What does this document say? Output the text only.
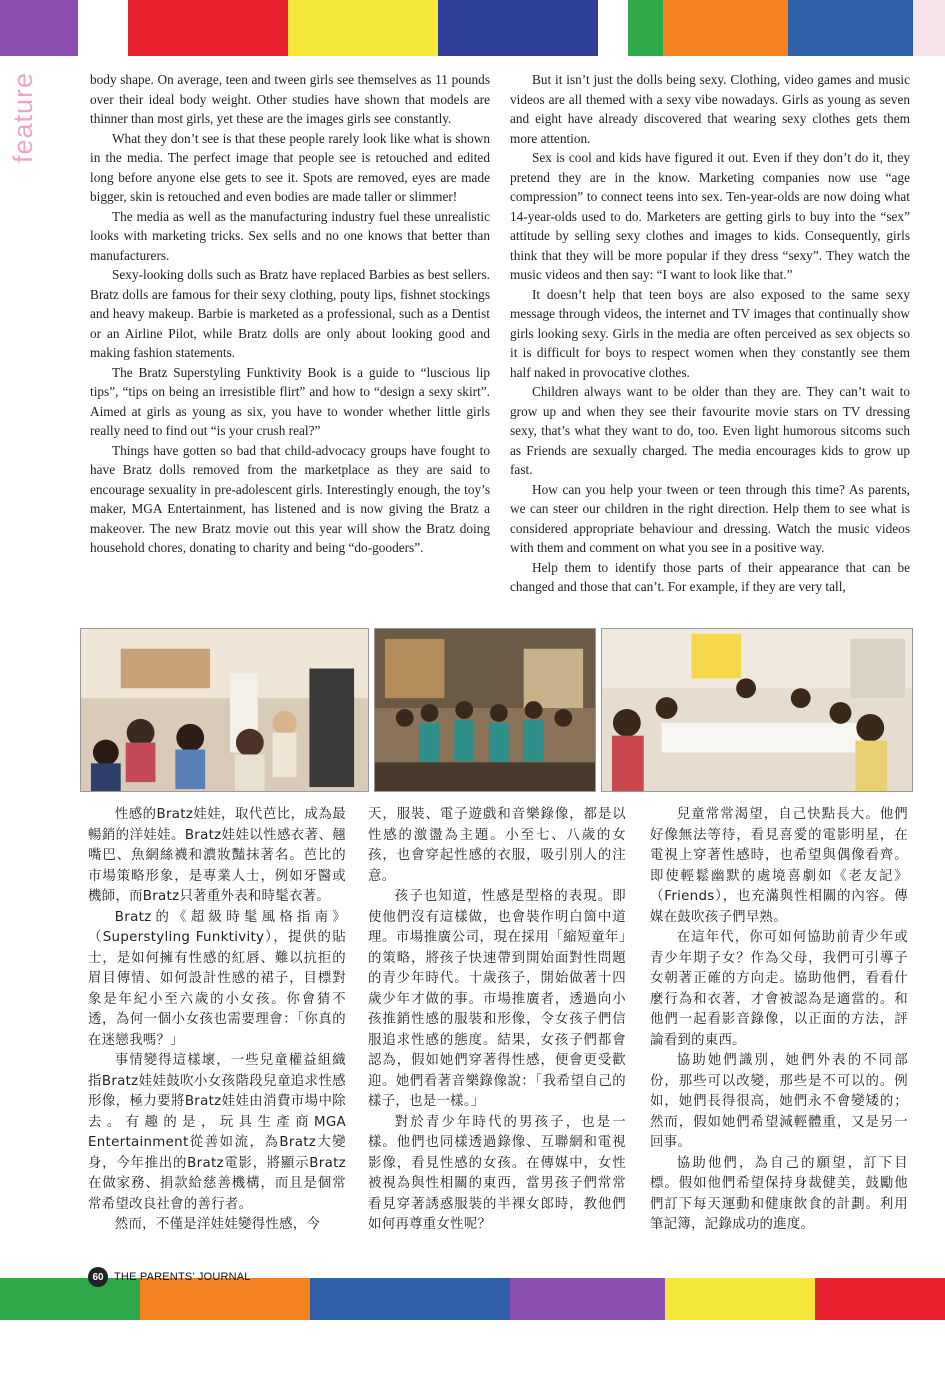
feature	body shape. On average, teen and tween girls see themselves as 11 pounds over their ideal body weight. Other studies have shown that models are thinner than most girls, yet these are the images girls see constantly.

What they don’t see is that these people rarely look like what is shown in the media. The perfect image that people see is retouched and edited long before anyone else gets to see it. Spots are removed, eyes are made bigger, skin is retouched and even bodies are made taller or slimmer!

The media as well as the manufacturing industry fuel these unrealistic looks with marketing tricks. Sex sells and no one knows that better than manufacturers.

Sexy-looking dolls such as Bratz have replaced Barbies as best sellers. Bratz dolls are famous for their sexy clothing, pouty lips, fishnet stockings and heavy makeup. Barbie is marketed as a professional, such as a Dentist or an Airline Pilot, while Bratz dolls are only about looking good and making fashion statements.

The Bratz Superstyling Funktivity Book is a guide to “luscious lip tips”, “tips on being an irresistible flirt” and how to “design a sexy skirt”. Aimed at girls as young as six, you have to wonder whether little girls really need to find out “is your crush real?”

Things have gotten so bad that child-advocacy groups have fought to have Bratz dolls removed from the marketplace as they are said to encourage sexuality in pre-adolescent girls. Interestingly enough, the toy’s maker, MGA Entertainment, has listened and is now giving the Bratz a makeover. The new Bratz movie out this year will show the Bratz doing household chores, donating to charity and being “do-gooders”.

But it isn’t just the dolls being sexy. Clothing, video games and music videos are all themed with a sexy vibe nowadays. Girls as young as seven and eight have already discovered that wearing sexy clothes gets them more attention.

Sex is cool and kids have figured it out. Even if they don’t do it, they pretend they are in the know. Marketing companies now use “age compression” to connect teens into sex. Ten-year-olds are now doing what 14-year-olds used to do. Marketers are getting girls to buy into the “sex” attitude by selling sexy clothes and images to kids. Consequently, girls think that they will be more popular if they dress “sexy”. They watch the music videos and then say: “I want to look like that.”

It doesn’t help that teen boys are also exposed to the same sexy message through videos, the internet and TV images that continually show girls looking sexy. Girls in the media are often perceived as sex objects so it is difficult for boys to respect women when they constantly see them half naked in provocative clothes.

Children always want to be older than they are. They can’t wait to grow up and when they see their favourite movie stars on TV dressing sexy, that’s what they want to do, too. Even light humorous sitcoms such as Friends are sexually charged. The media encourages kids to grow up fast.

How can you help your tween or teen through this time? As parents, we can steer our children in the right direction. Help them to see what is considered appropriate behaviour and dressing. Watch the music videos with them and comment on what you see in a positive way.

Help them to identify those parts of their appearance that can be changed and those that can’t. For example, if they are very tall,

性感的Bratz娃娃，取代芭比，成為最暢銷的洋娃娃。Bratz娃娃以性感衣著、翹嘴巴、魚網絲襪和濃妝豔抹著名。芭比的市場策略形象，是專業人士，例如牙醫或機師，而Bratz只著重外表和時髦衣著。

Bratz的《超級時髦風格指南》（Superstyling Funktivity），提供的貼士，是如何擁有性感的紅唇、難以抗拒的眉目傳情、如何設計性感的裙子，目標對象是年紀小至六歲的小女孩。你會猜不透，為何一個小女孩也需要理會：「你真的在迷戀我嗎？」

事情變得這樣壞，一些兒童權益組織指Bratz娃娃鼓吹小女孩階段兒童追求性感形像，極力要將Bratz娃娃由消費市場中除去。有趣的是，玩具生產商MGA Entertainment從善如流，為Bratz大變身，今年推出的Bratz電影，將顯示Bratz在做家務、捐款給慈善機構，而且是個常常希望改良社會的善行者。

然而，不僅是洋娃娃變得性感，今

天，服裝、電子遊戲和音樂錄像，都是以性感的激盪為主題。小至七、八歲的女孩，也會穿起性感的衣服，吸引別人的注意。

孩子也知道，性感是型格的表現。即使他們沒有這樣做，也會裝作明白箇中道理。市場推廣公司，現在採用「縮短童年」的策略，將孩子快速帶到開始面對性問題的青少年時代。十歲孩子，開始做著十四歲少年才做的事。市場推廣者，透過向小孩推銷性感的服裝和形像，令女孩子們信服追求性感的態度。結果，女孩子們都會認為，假如她們穿著得性感，便會更受歡迎。她們看著音樂錄像說：「我希望自己的樣子，也是一樣。」

對於青少年時代的男孩子，也是一樣。他們也同樣透過錄像、互聯網和電視影像，看見性感的女孩。在傳媒中，女性被視為與性相關的東西，當男孩子們常常看見穿著誘惑服裝的半裸女郎時，教他們如何再尊重女性呢？

兒童常常渴望，自己快點長大。他們好像無法等待，看見喜愛的電影明星，在電視上穿著性感時，也希望與偶像看齊。即使輕鬆幽默的處境喜劇如《老友記》（Friends），也充滿與性相關的內容。傳媒在鼓吹孩子們早熟。

在這年代，你可如何協助前青少年或青少年期子女？作為父母，我們可引導子女朝著正確的方向走。協助他們，看看什麼行為和衣著，才會被認為是適當的。和他們一起看影音錄像，以正面的方法，評論看到的東西。

協助她們識別，她們外表的不同部份，那些可以改變，那些是不可以的。例如，她們長得很高，她們永不會變矮的；然而，假如她們希望減輕體重，又是另一回事。

協助他們，為自己的願望，訂下目標。假如他們希望保持身裁健美，鼓勵他們訂下每天運動和健康飲食的計劃。利用筆記簿，記錄成功的進度。

60 THE PARENTS’ JOURNAL
